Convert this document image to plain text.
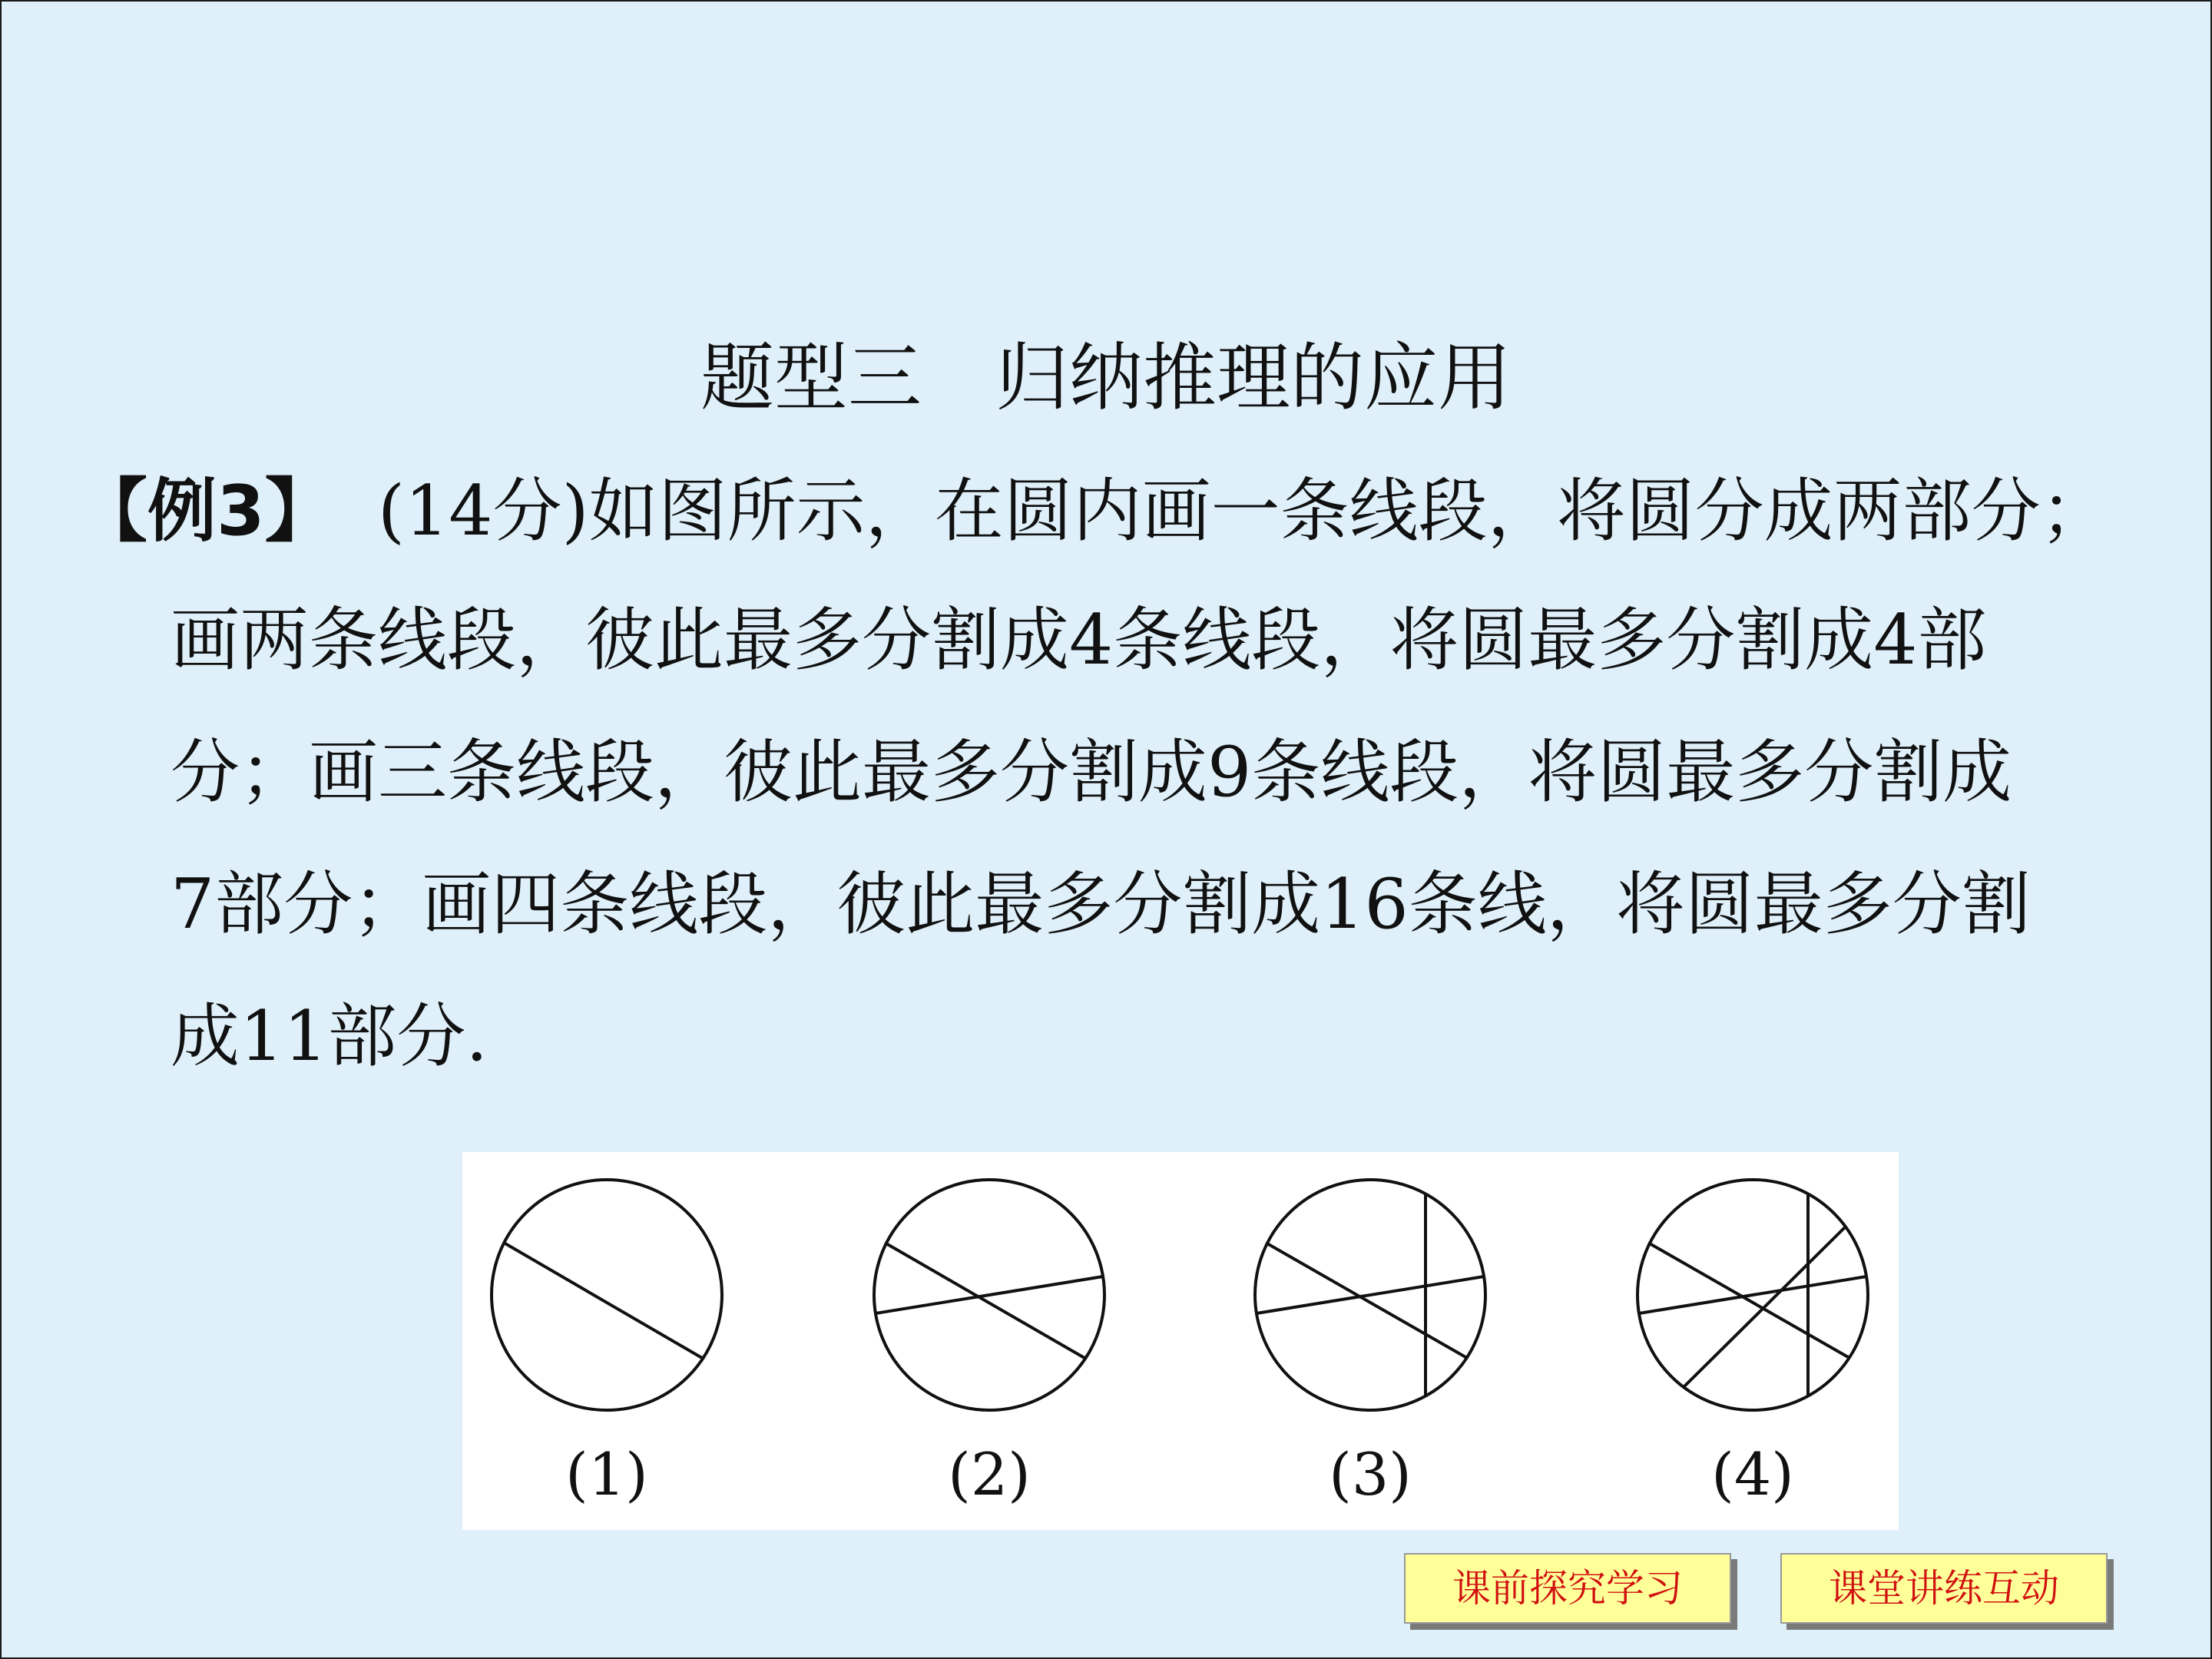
题型三　归纳推理的应用
【例3】  (14分)如图所示，在圆内画一条线段，将圆分成两部分；
画两条线段，彼此最多分割成4条线段，将圆最多分割成4部
分；画三条线段，彼此最多分割成9条线段，将圆最多分割成
7部分；画四条线段，彼此最多分割成16条线，将圆最多分割
成11部分.
(1)	(2)	(3)	(4)
课前探究学习	课堂讲练互动
